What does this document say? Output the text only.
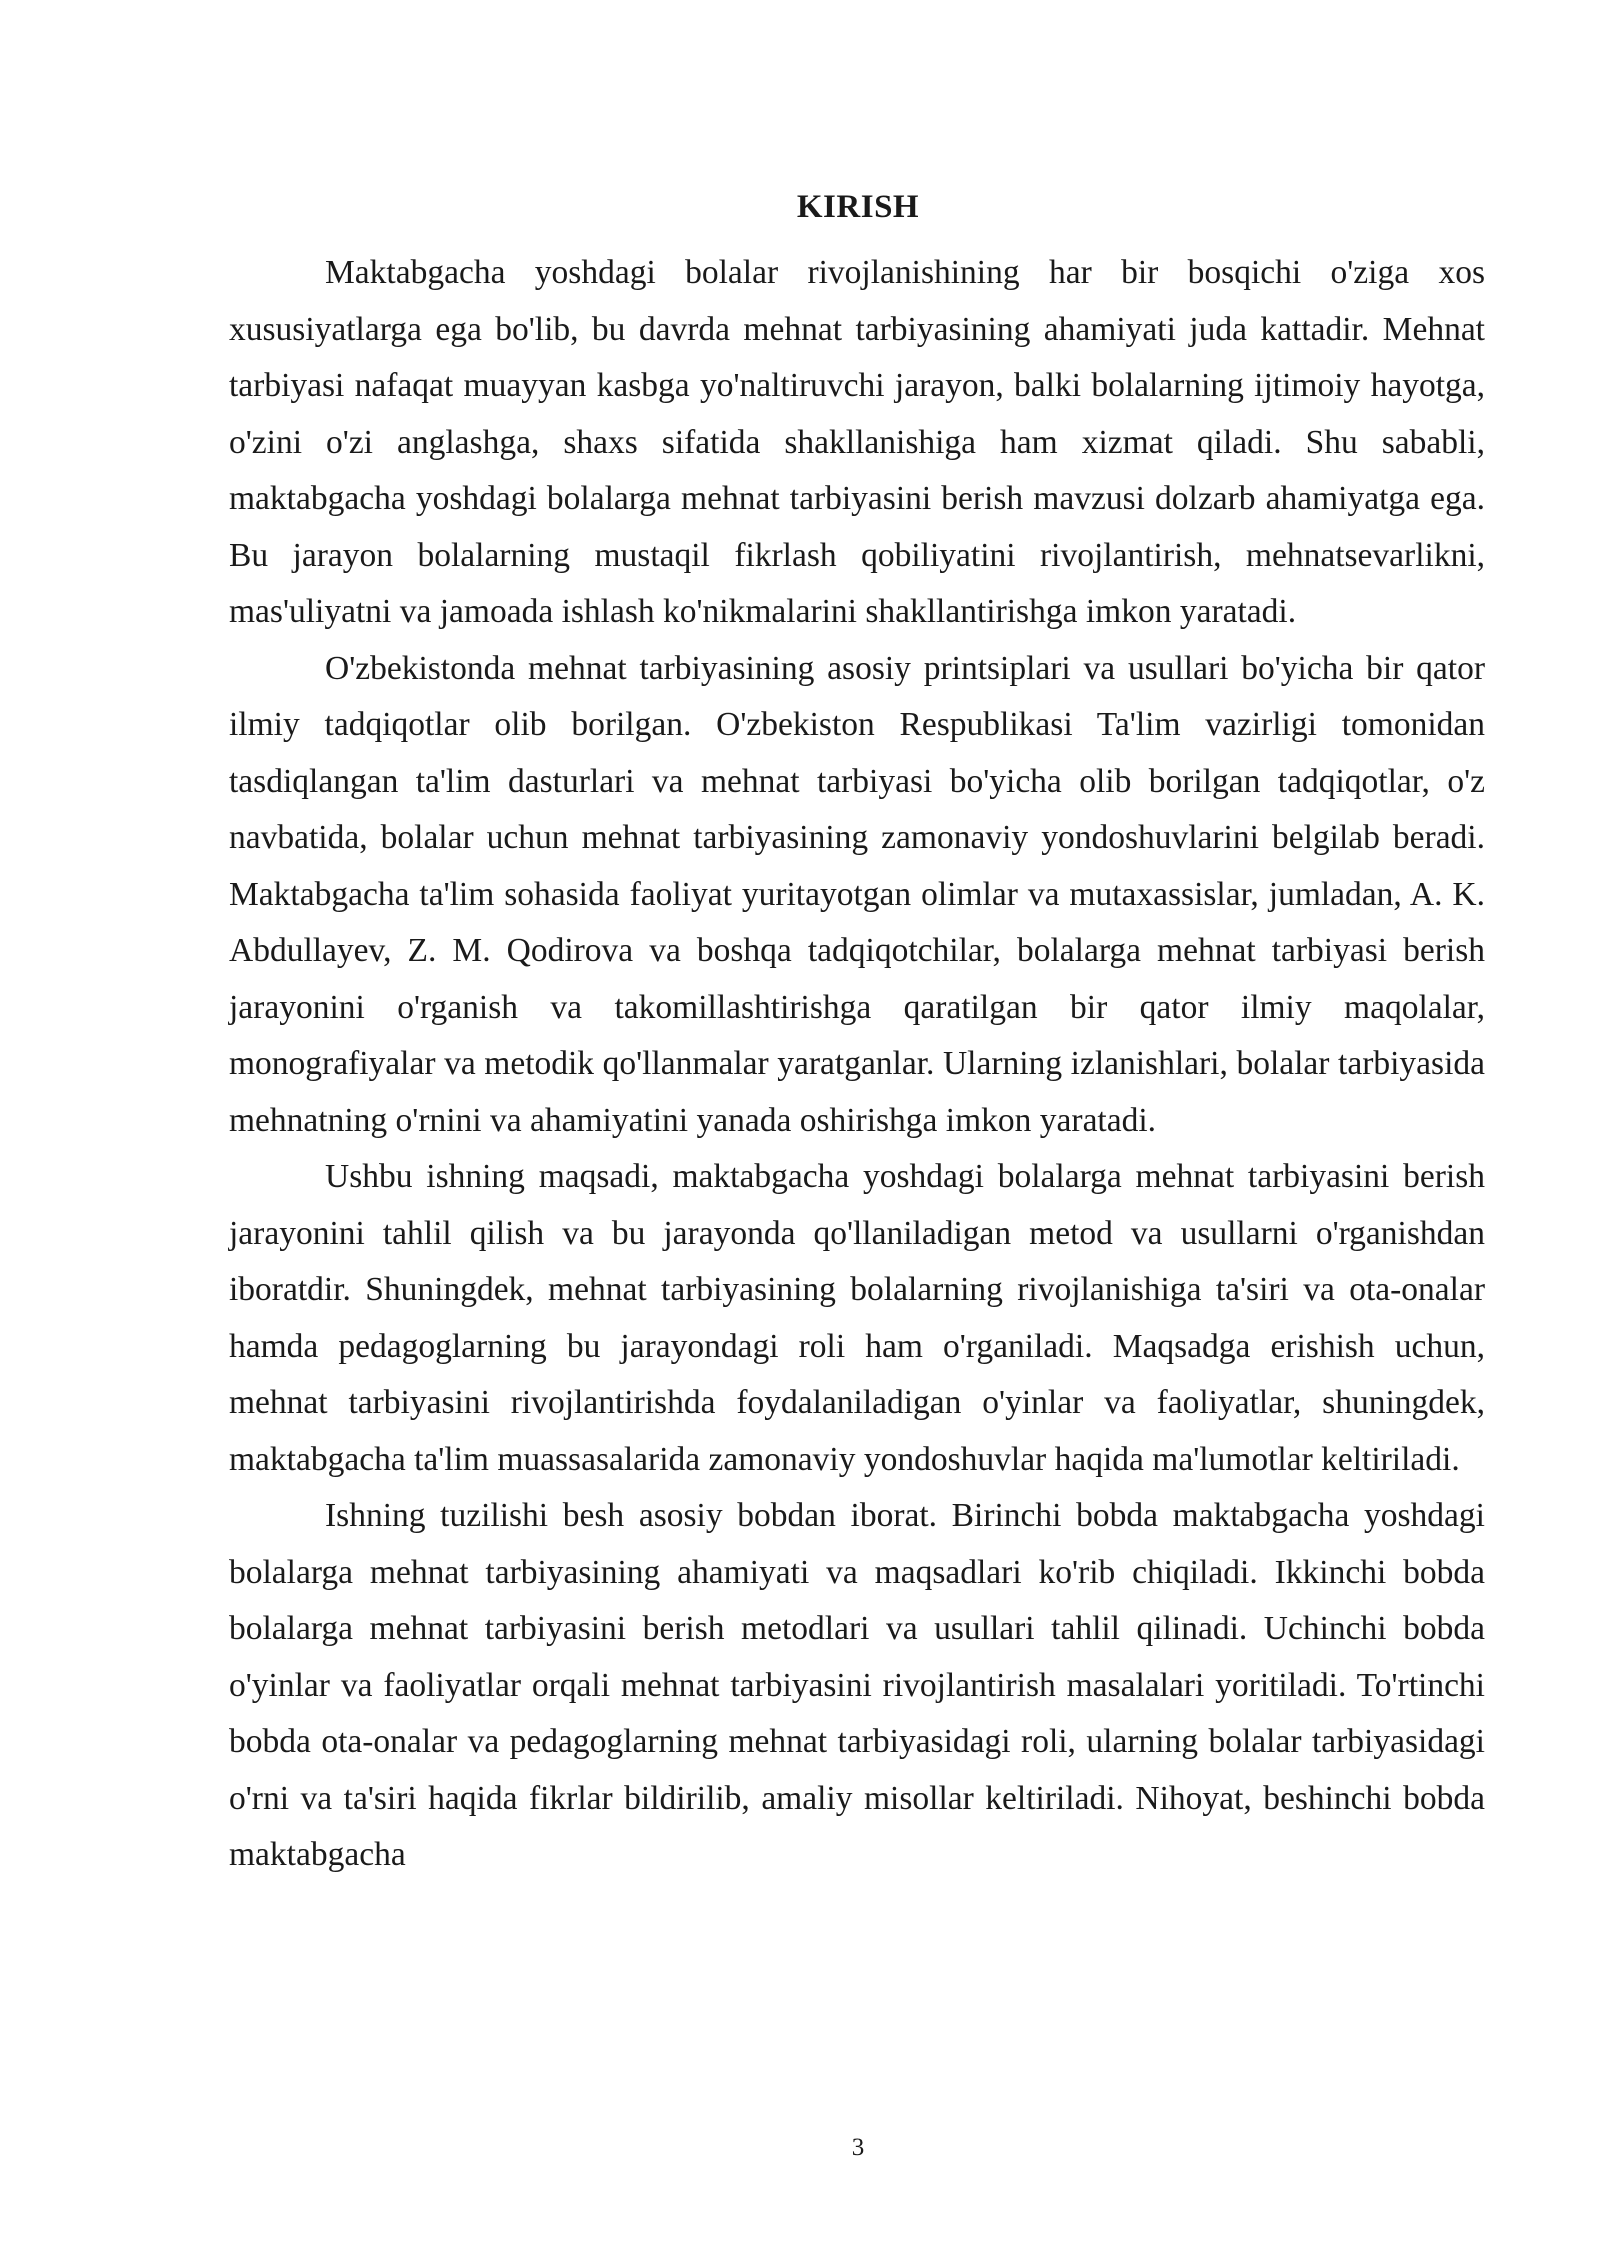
KIRISH

Maktabgacha yoshdagi bolalar rivojlanishining har bir bosqichi o'ziga xos xususiyatlarga ega bo'lib, bu davrda mehnat tarbiyasining ahamiyati juda kattadir. Mehnat tarbiyasi nafaqat muayyan kasbga yo'naltiruvchi jarayon, balki bolalarning ijtimoiy hayotga, o'zini o'zi anglashga, shaxs sifatida shakllanishiga ham xizmat qiladi. Shu sababli, maktabgacha yoshdagi bolalarga mehnat tarbiyasini berish mavzusi dolzarb ahamiyatga ega. Bu jarayon bolalarning mustaqil fikrlash qobiliyatini rivojlantirish, mehnatsevarlikni, mas'uliyatni va jamoada ishlash ko'nikmalarini shakllantirishga imkon yaratadi.

O'zbekistonda mehnat tarbiyasining asosiy printsiplari va usullari bo'yicha bir qator ilmiy tadqiqotlar olib borilgan. O'zbekiston Respublikasi Ta'lim vazirligi tomonidan tasdiqlangan ta'lim dasturlari va mehnat tarbiyasi bo'yicha olib borilgan tadqiqotlar, o'z navbatida, bolalar uchun mehnat tarbiyasining zamonaviy yondoshuvlarini belgilab beradi. Maktabgacha ta'lim sohasida faoliyat yuritayotgan olimlar va mutaxassislar, jumladan, A. K. Abdullayev, Z. M. Qodirova va boshqa tadqiqotchilar, bolalarga mehnat tarbiyasi berish jarayonini o'rganish va takomillashtirishga qaratilgan bir qator ilmiy maqolalar, monografiyalar va metodik qo'llanmalar yaratganlar. Ularning izlanishlari, bolalar tarbiyasida mehnatning o'rnini va ahamiyatini yanada oshirishga imkon yaratadi.

Ushbu ishning maqsadi, maktabgacha yoshdagi bolalarga mehnat tarbiyasini berish jarayonini tahlil qilish va bu jarayonda qo'llaniladigan metod va usullarni o'rganishdan iboratdir. Shuningdek, mehnat tarbiyasining bolalarning rivojlanishiga ta'siri va ota-onalar hamda pedagoglarning bu jarayondagi roli ham o'rganiladi. Maqsadga erishish uchun, mehnat tarbiyasini rivojlantirishda foydalaniladigan o'yinlar va faoliyatlar, shuningdek, maktabgacha ta'lim muassasalarida zamonaviy yondoshuvlar haqida ma'lumotlar keltiriladi.

Ishning tuzilishi besh asosiy bobdan iborat. Birinchi bobda maktabgacha yoshdagi bolalarga mehnat tarbiyasining ahamiyati va maqsadlari ko'rib chiqiladi. Ikkinchi bobda bolalarga mehnat tarbiyasini berish metodlari va usullari tahlil qilinadi. Uchinchi bobda o'yinlar va faoliyatlar orqali mehnat tarbiyasini rivojlantirish masalalari yoritiladi. To'rtinchi bobda ota-onalar va pedagoglarning mehnat tarbiyasidagi roli, ularning bolalar tarbiyasidagi o'rni va ta'siri haqida fikrlar bildirilib, amaliy misollar keltiriladi. Nihoyat, beshinchi bobda maktabgacha

3
